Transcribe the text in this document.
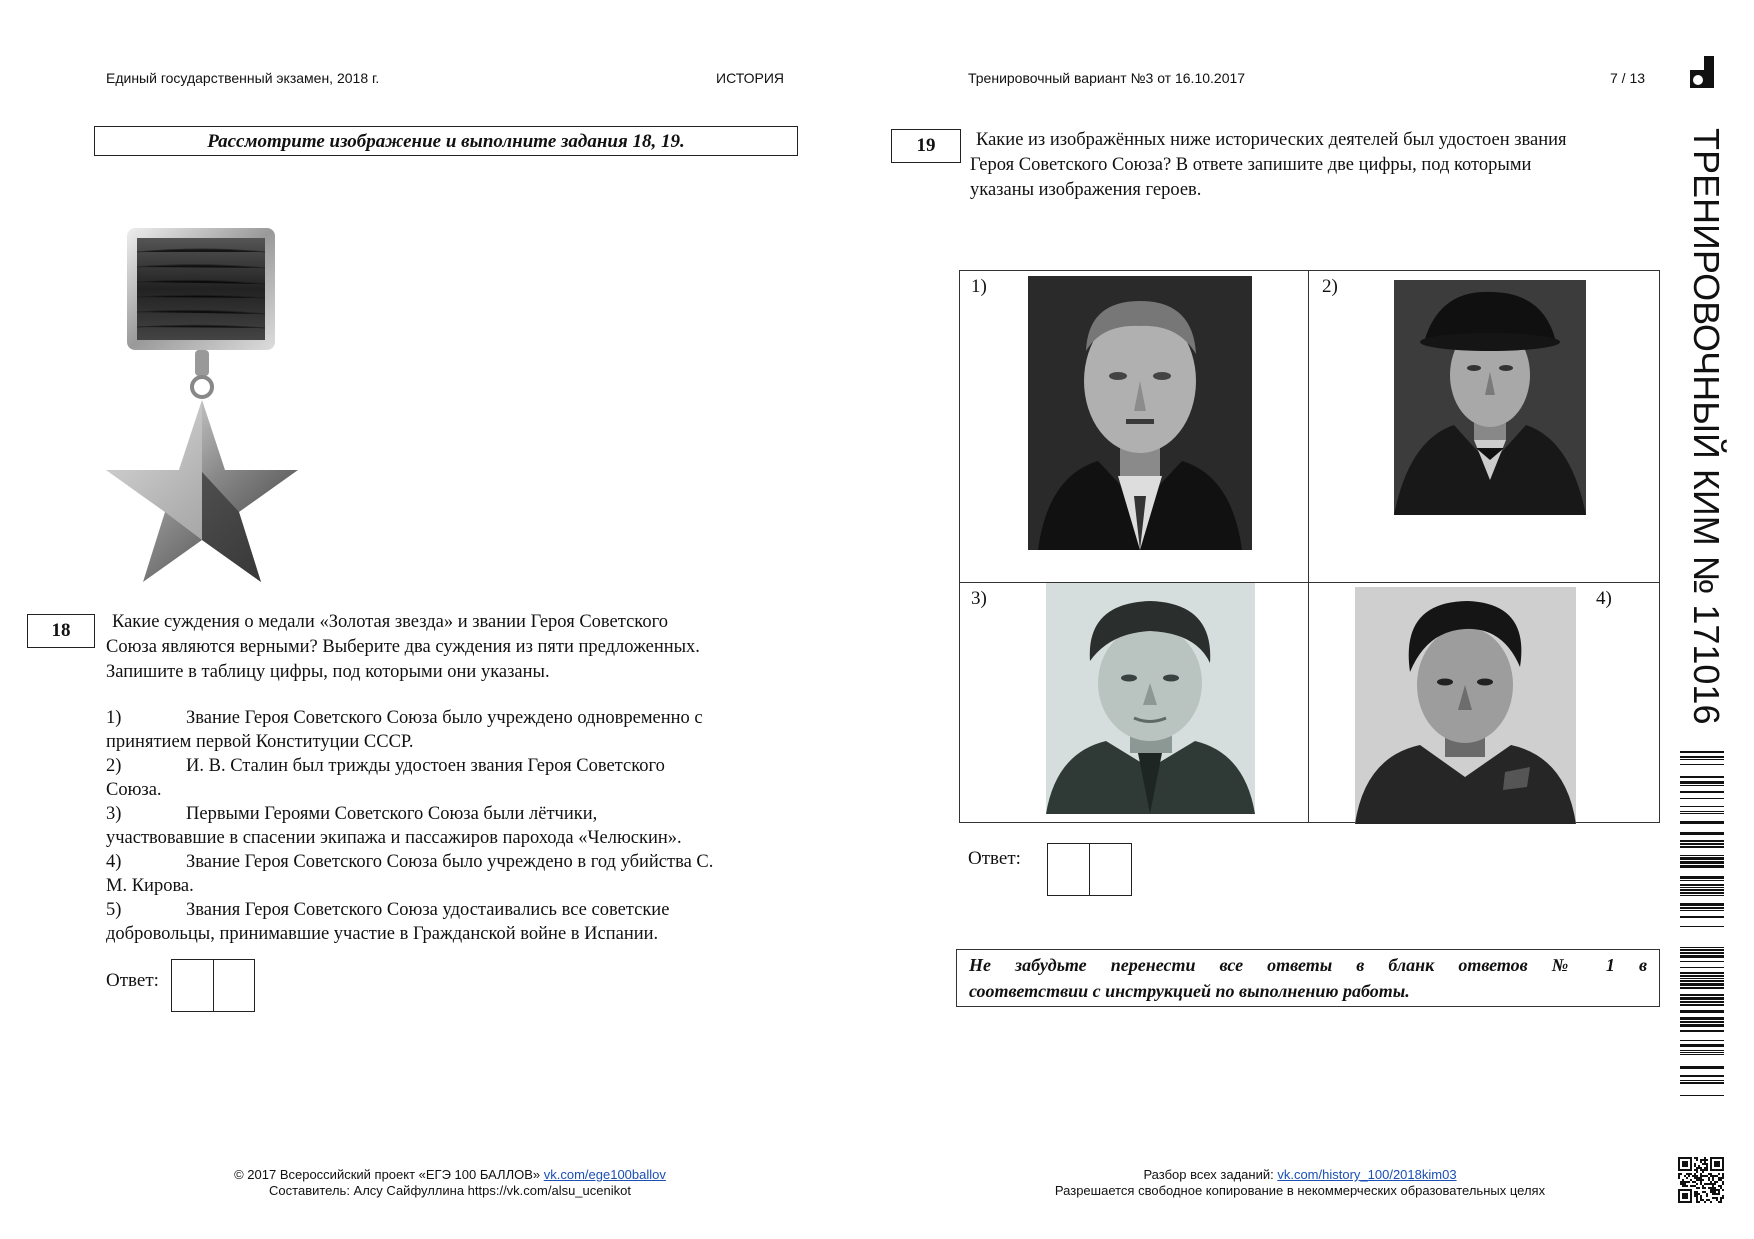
Единый государственный экзамен, 2018 г.	ИСТОРИЯ	Тренировочный вариант №3 от 16.10.2017	7 / 13
Рассмотрите изображение и выполните задания 18, 19.
18	Какие суждения о медали «Золотая звезда» и звании Героя Советского
Союза являются верными? Выберите два суждения из пяти предложенных.
Запишите в таблицу цифры, под которыми они указаны.
1)	Звание Героя Советского Союза было учреждено одновременно с
принятием первой Конституции СССР.
2)	И. В. Сталин был трижды удостоен звания Героя Советского
Союза.
3)	Первыми Героями Советского Союза были лётчики,
участвовавшие в спасении экипажа и пассажиров парохода «Челюскин».
4)	Звание Героя Советского Союза было учреждено в год убийства С.
М. Кирова.
5)	Звания Героя Советского Союза удостаивались все советские
добровольцы, принимавшие участие в Гражданской войне в Испании.
Ответ:
19	Какие из изображённых ниже исторических деятелей был удостоен звания
Героя Советского Союза? В ответе запишите две цифры, под которыми
указаны изображения героев.
1)	2)
3)	4)
Ответ:
Не забудьте перенести все ответы в бланк ответов № 1 в
соответствии с инструкцией по выполнению работы.
ТРЕНИРОВОЧНЫЙ КИМ № 171016
© 2017 Всероссийский проект «ЕГЭ 100 БАЛЛОВ» vk.com/ege100ballov
Составитель: Алсу Сайфуллина https://vk.com/alsu_ucenikot
Разбор всех заданий: vk.com/history_100/2018kim03
Разрешается свободное копирование в некоммерческих образовательных целях
